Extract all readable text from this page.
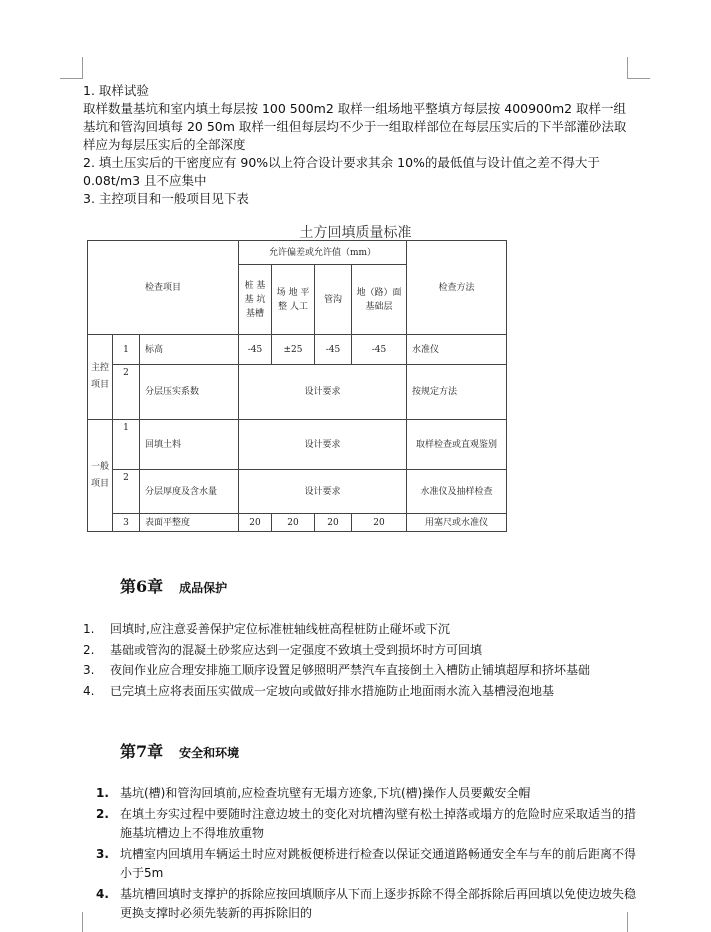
1. 取样试验

取样数量基坑和室内填土每层按 100 500m2 取样一组场地平整填方每层按 400900m2 取样一组基坑和管沟回填每 20 50m 取样一组但每层均不少于一组取样部位在每层压实后的下半部灌砂法取样应为每层压实后的全部深度

2. 填土压实后的干密度应有 90%以上符合设计要求其余 10%的最低值与设计值之差不得大于 0.08t/m3 且不应集中

3. 主控项目和一般项目见下表

土方回填质量标准
检查项目			允许偏差或允许值（mm）				检查方法
			桩 基 基 坑 基槽	场 地 平整 人工	管沟	地（路）面基础层	
主控项目	1	标高	-45	±25	-45	-45	水准仪
	2	分层压实系数	设计要求				按规定方法
一般项目	1	回填土料	设计要求				取样检查或直观鉴别
	2	分层厚度及含水量	设计要求				水准仪及抽样检查
	3	表面平整度	20	20	20	20	用塞尺或水准仪
第6章 成品保护
1.	回填时,应注意妥善保护定位标准桩轴线桩高程桩防止碰坏或下沉
2.	基础或管沟的混凝土砂浆应达到一定强度不致填土受到损坏时方可回填
3.	夜间作业应合理安排施工顺序设置足够照明严禁汽车直接倒土入槽防止铺填超厚和挤坏基础
4.	已完填土应将表面压实做成一定坡向或做好排水措施防止地面雨水流入基槽浸泡地基
第7章 安全和环境
1. 基坑(槽)和管沟回填前,应检查坑壁有无塌方迹象,下坑(槽)操作人员要戴安全帽
2. 在填土夯实过程中要随时注意边坡土的变化对坑槽沟壁有松土掉落或塌方的危险时应采取适当的措施基坑槽边上不得堆放重物
3. 坑槽室内回填用车辆运土时应对跳板便桥进行检查以保证交通道路畅通安全车与车的前后距离不得小于5m
4. 基坑槽回填时支撑护的拆除应按回填顺序从下而上逐步拆除不得全部拆除后再回填以免使边坡失稳更换支撑时必须先装新的再拆除旧的
